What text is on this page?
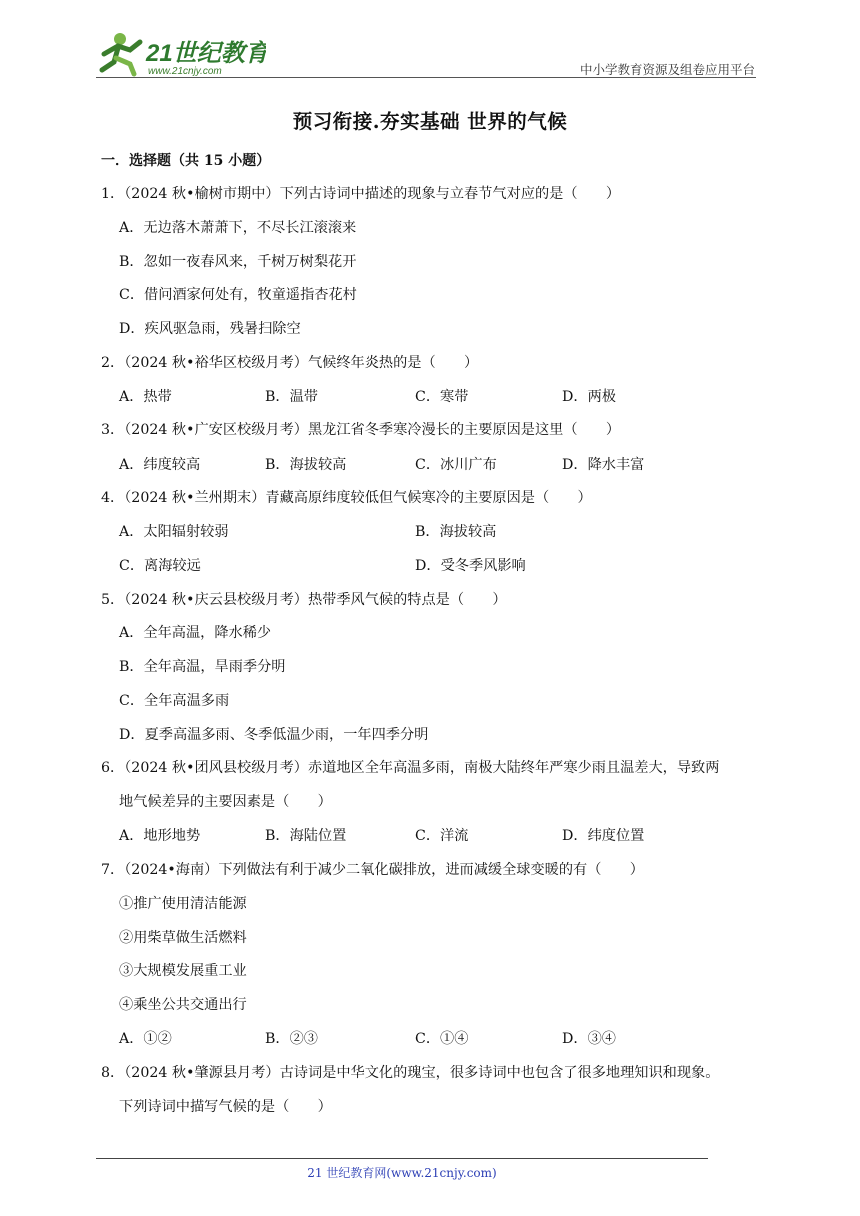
21世纪教育
www.21cnjy.com	中小学教育资源及组卷应用平台
预习衔接.夯实基础 世界的气候
一．选择题（共 15 小题）
1．（2024 秋•榆树市期中）下列古诗词中描述的现象与立春节气对应的是（　　）
A．无边落木萧萧下，不尽长江滚滚来
B．忽如一夜春风来，千树万树梨花开
C．借问酒家何处有，牧童遥指杏花村
D．疾风驱急雨，残暑扫除空
2．（2024 秋•裕华区校级月考）气候终年炎热的是（　　）
A．热带	B．温带	C．寒带	D．两极
3．（2024 秋•广安区校级月考）黑龙江省冬季寒冷漫长的主要原因是这里（　　）
A．纬度较高	B．海拔较高	C．冰川广布	D．降水丰富
4．（2024 秋•兰州期末）青藏高原纬度较低但气候寒冷的主要原因是（　　）
A．太阳辐射较弱	B．海拔较高
C．离海较远	D．受冬季风影响
5．（2024 秋•庆云县校级月考）热带季风气候的特点是（　　）
A．全年高温，降水稀少
B．全年高温，旱雨季分明
C．全年高温多雨
D．夏季高温多雨、冬季低温少雨，一年四季分明
6．（2024 秋•团风县校级月考）赤道地区全年高温多雨，南极大陆终年严寒少雨且温差大，导致两
地气候差异的主要因素是（　　）
A．地形地势	B．海陆位置	C．洋流	D．纬度位置
7．（2024•海南）下列做法有利于减少二氧化碳排放，进而减缓全球变暖的有（　　）
①推广使用清洁能源
②用柴草做生活燃料
③大规模发展重工业
④乘坐公共交通出行
A．①②	B．②③	C．①④	D．③④
8．（2024 秋•肇源县月考）古诗词是中华文化的瑰宝，很多诗词中也包含了很多地理知识和现象。
下列诗词中描写气候的是（　　）
21 世纪教育网(www.21cnjy.com)
